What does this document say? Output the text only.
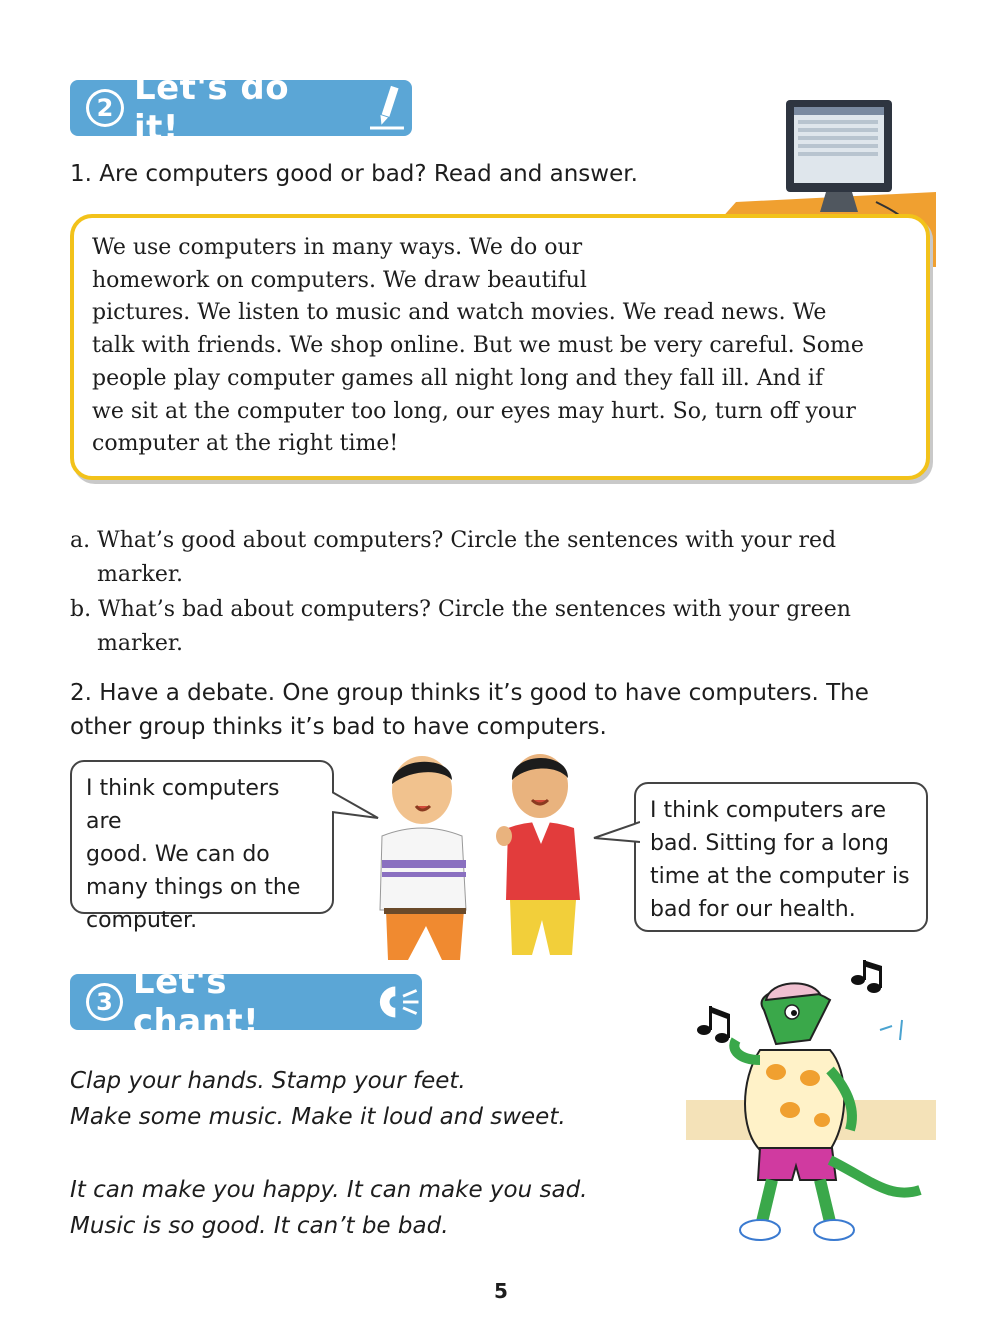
2 Let's do it!
1. Are computers good or bad? Read and answer.
We use computers in many ways. We do our
homework on computers. We draw beautiful
pictures. We listen to music and watch movies. We read news. We
talk with friends. We shop online. But we must be very careful. Some
people play computer games all night long and they fall ill. And if
we sit at the computer too long, our eyes may hurt. So, turn off your
computer at the right time!
a. What’s good about computers? Circle the sentences with your red
marker.
b. What’s bad about computers? Circle the sentences with your green
marker.
2. Have a debate. One group thinks it’s good to have computers. The
other group thinks it’s bad to have computers.
I think computers are
good. We can do
many things on the
computer.
I think computers are
bad. Sitting for a long
time at the computer is
bad for our health.
3 Let's chant!
Clap your hands. Stamp your feet.
Make some music. Make it loud and sweet.
It can make you happy. It can make you sad.
Music is so good. It can’t be bad.
5
